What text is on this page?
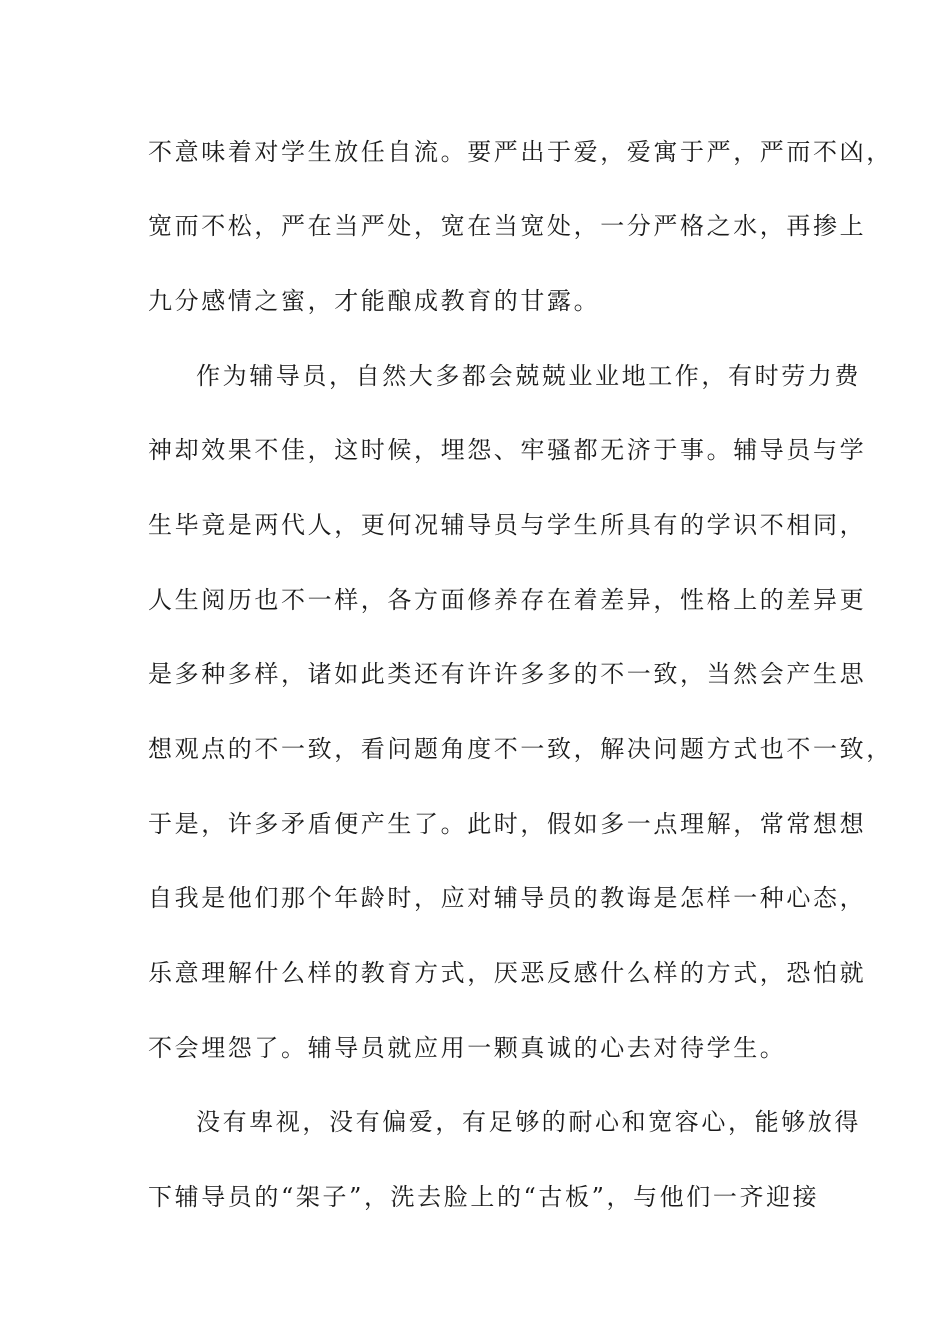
不意味着对学生放任自流。要严出于爱，爱寓于严，严而不凶，
宽而不松，严在当严处，宽在当宽处，一分严格之水，再掺上
九分感情之蜜，才能酿成教育的甘露。
作为辅导员，自然大多都会兢兢业业地工作，有时劳力费
神却效果不佳，这时候，埋怨、牢骚都无济于事。辅导员与学
生毕竟是两代人，更何况辅导员与学生所具有的学识不相同，
人生阅历也不一样，各方面修养存在着差异，性格上的差异更
是多种多样，诸如此类还有许许多多的不一致，当然会产生思
想观点的不一致，看问题角度不一致，解决问题方式也不一致，
于是，许多矛盾便产生了。此时，假如多一点理解，常常想想
自我是他们那个年龄时，应对辅导员的教诲是怎样一种心态，
乐意理解什么样的教育方式，厌恶反感什么样的方式，恐怕就
不会埋怨了。辅导员就应用一颗真诚的心去对待学生。
没有卑视，没有偏爱，有足够的耐心和宽容心，能够放得
下辅导员的“架子”，洗去脸上的“古板”，与他们一齐迎接
